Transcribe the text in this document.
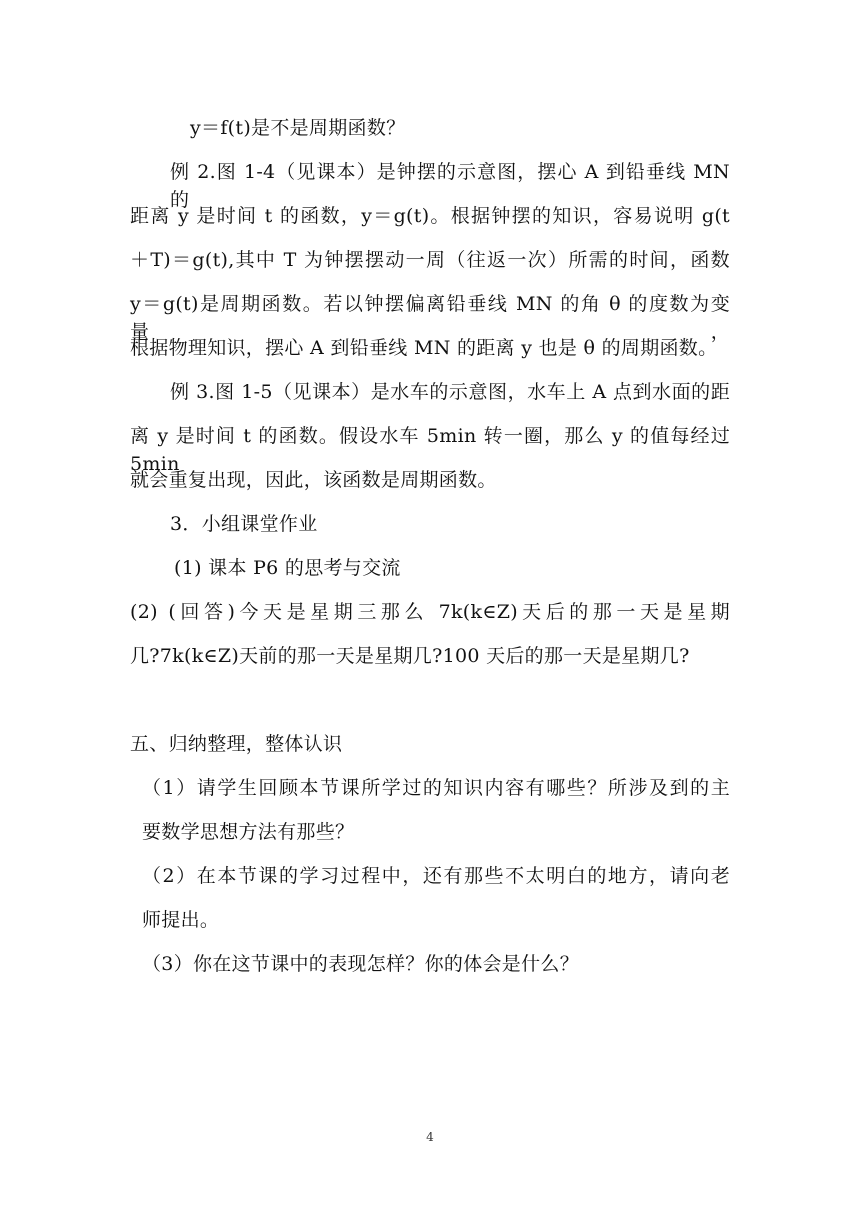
y＝f(t)是不是周期函数？
例 2.图 1-4（见课本）是钟摆的示意图，摆心 A 到铅垂线 MN 的
距离 y 是时间 t 的函数，y＝g(t)。根据钟摆的知识，容易说明 g(t
＋T)＝g(t),其中 T 为钟摆摆动一周（往返一次）所需的时间，函数
y＝g(t)是周期函数。若以钟摆偏离铅垂线 MN 的角 θ 的度数为变量，
根据物理知识，摆心 A 到铅垂线 MN 的距离 y 也是 θ 的周期函数。
例 3.图 1-5（见课本）是水车的示意图，水车上 A 点到水面的距
离 y 是时间 t 的函数。假设水车 5min 转一圈，那么 y 的值每经过 5min
就会重复出现，因此，该函数是周期函数。
3．小组课堂作业
(1) 课本 P6 的思考与交流
(2) (回答)今天是星期三那么 7k(k∈Z)天后的那一天是星期
几?7k(k∈Z)天前的那一天是星期几?100 天后的那一天是星期几?
五、归纳整理，整体认识
（1）请学生回顾本节课所学过的知识内容有哪些？所涉及到的主
要数学思想方法有那些？
（2）在本节课的学习过程中，还有那些不太明白的地方，请向老
师提出。
（3）你在这节课中的表现怎样？你的体会是什么？
4
